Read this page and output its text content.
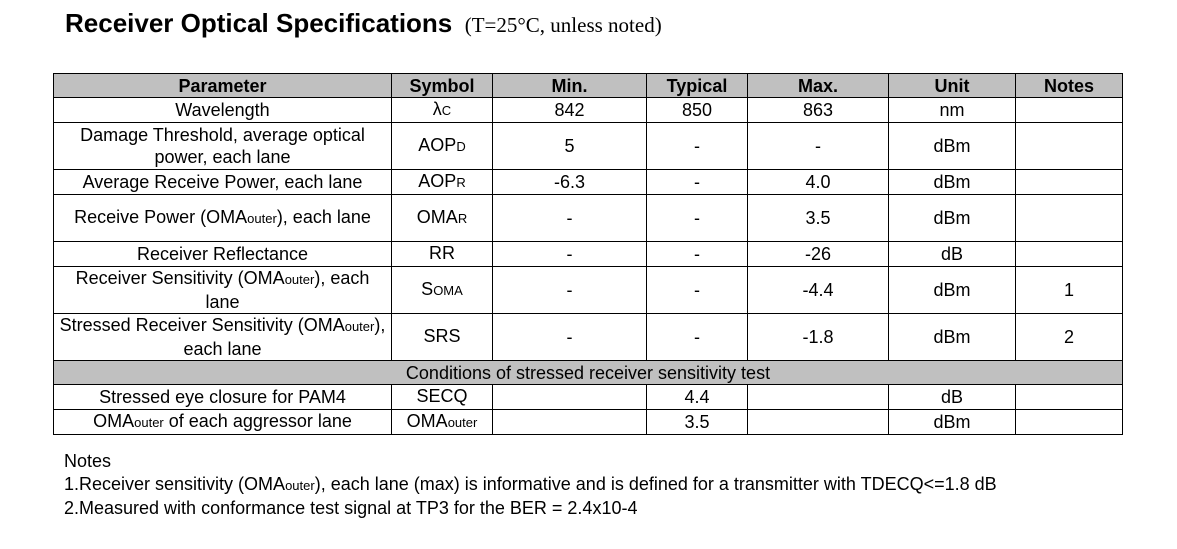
Receiver Optical Specifications (T=25°C, unless noted)
Parameter	Symbol	Min.	Typical	Max.	Unit	Notes
Wavelength	λC	842	850	863	nm	
Damage Threshold, average optical power, each lane	AOPD	5	-	-	dBm	
Average Receive Power, each lane	AOPR	-6.3	-	4.0	dBm	
Receive Power (OMAouter), each lane	OMAR	-	-	3.5	dBm	
Receiver Reflectance	RR	-	-	-26	dB	
Receiver Sensitivity (OMAouter), each lane	SOMA	-	-	-4.4	dBm	1
Stressed Receiver Sensitivity (OMAouter), each lane	SRS	-	-	-1.8	dBm	2
Conditions of stressed receiver sensitivity test						
Stressed eye closure for PAM4	SECQ		4.4		dB	
OMAouter of each aggressor lane	OMAouter		3.5		dBm	
Notes
1.Receiver sensitivity (OMAouter), each lane (max) is informative and is defined for a transmitter with TDECQ<=1.8 dB
2.Measured with conformance test signal at TP3 for the BER = 2.4x10-4
